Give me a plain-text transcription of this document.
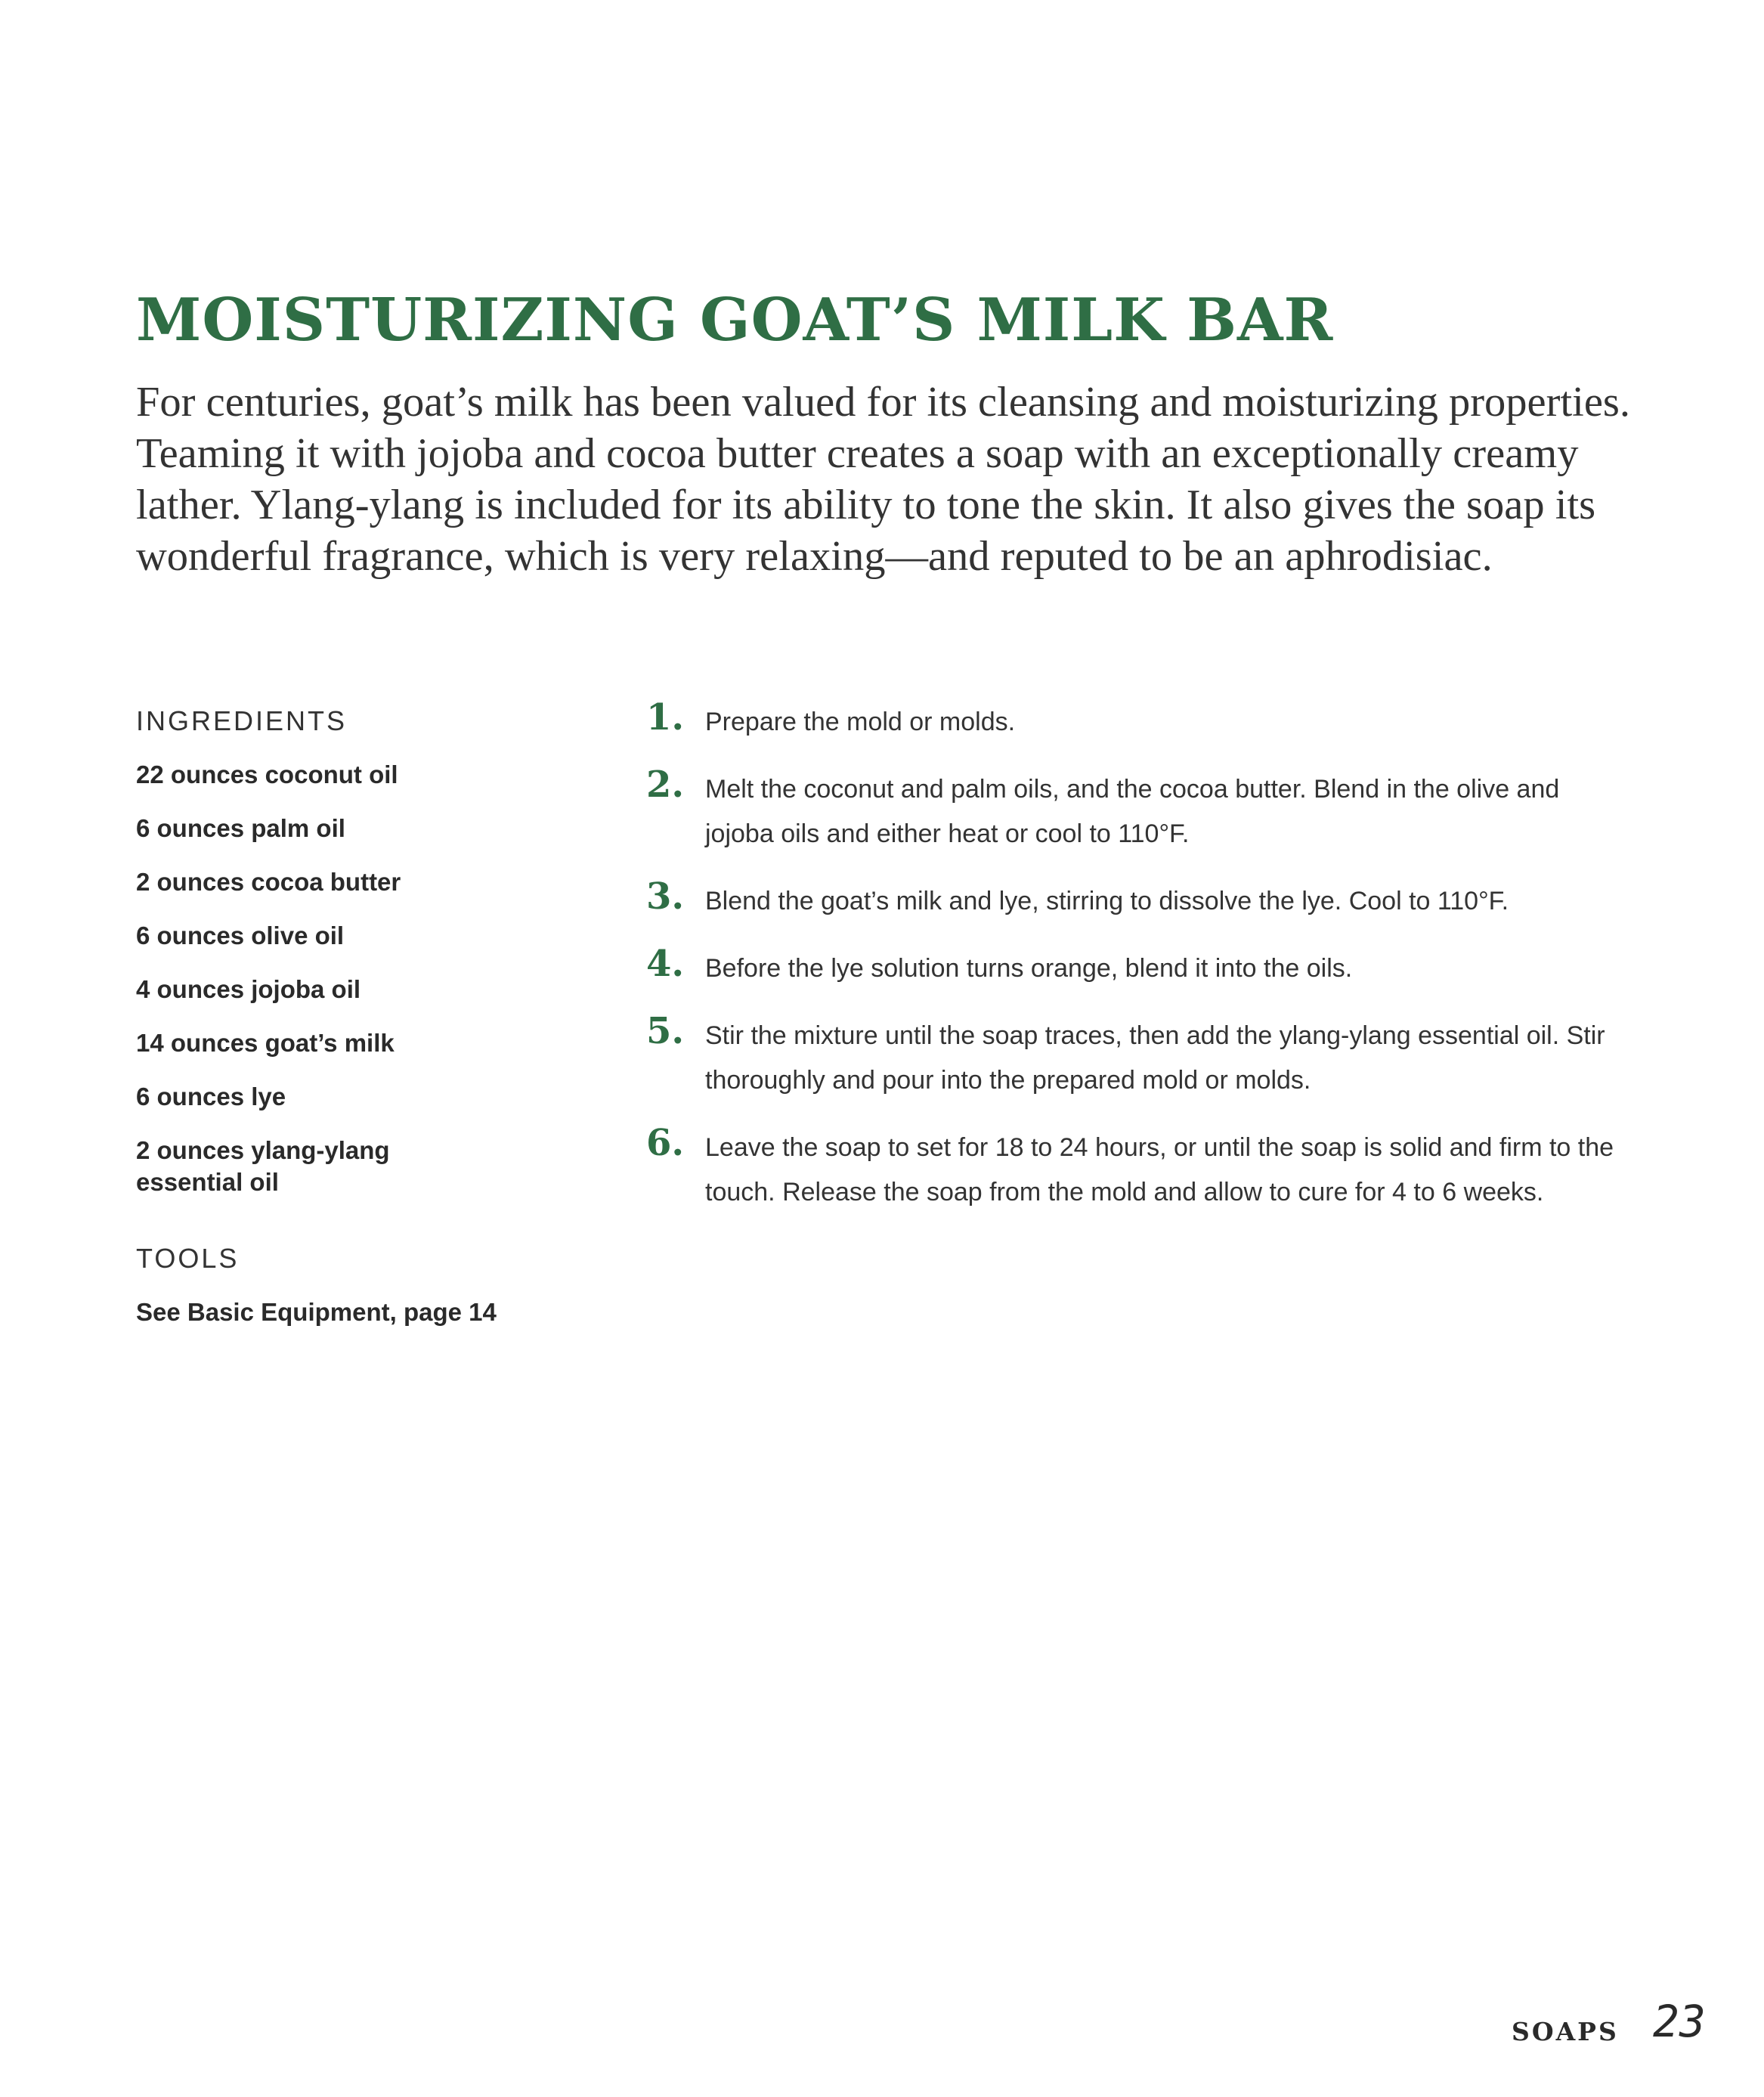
MOISTURIZING GOAT’S MILK BAR

For centuries, goat’s milk has been valued for its cleansing and moisturizing properties. Teaming it with jojoba and cocoa butter creates a soap with an exceptionally creamy lather. Ylang-ylang is included for its ability to tone the skin. It also gives the soap its wonderful fragrance, which is very relaxing—and reputed to be an aphrodisiac.

INGREDIENTS
22 ounces coconut oil
6 ounces palm oil
2 ounces cocoa butter
6 ounces olive oil
4 ounces jojoba oil
14 ounces goat’s milk
6 ounces lye
2 ounces ylang-ylang essential oil
TOOLS
See Basic Equipment, page 14
1. Prepare the mold or molds.
2. Melt the coconut and palm oils, and the cocoa butter. Blend in the olive and jojoba oils and either heat or cool to 110°F.
3. Blend the goat’s milk and lye, stirring to dissolve the lye. Cool to 110°F.
4. Before the lye solution turns orange, blend it into the oils.
5. Stir the mixture until the soap traces, then add the ylang-ylang essential oil. Stir thoroughly and pour into the prepared mold or molds.
6. Leave the soap to set for 18 to 24 hours, or until the soap is solid and firm to the touch. Release the soap from the mold and allow to cure for 4 to 6 weeks.
SOAPS 23
